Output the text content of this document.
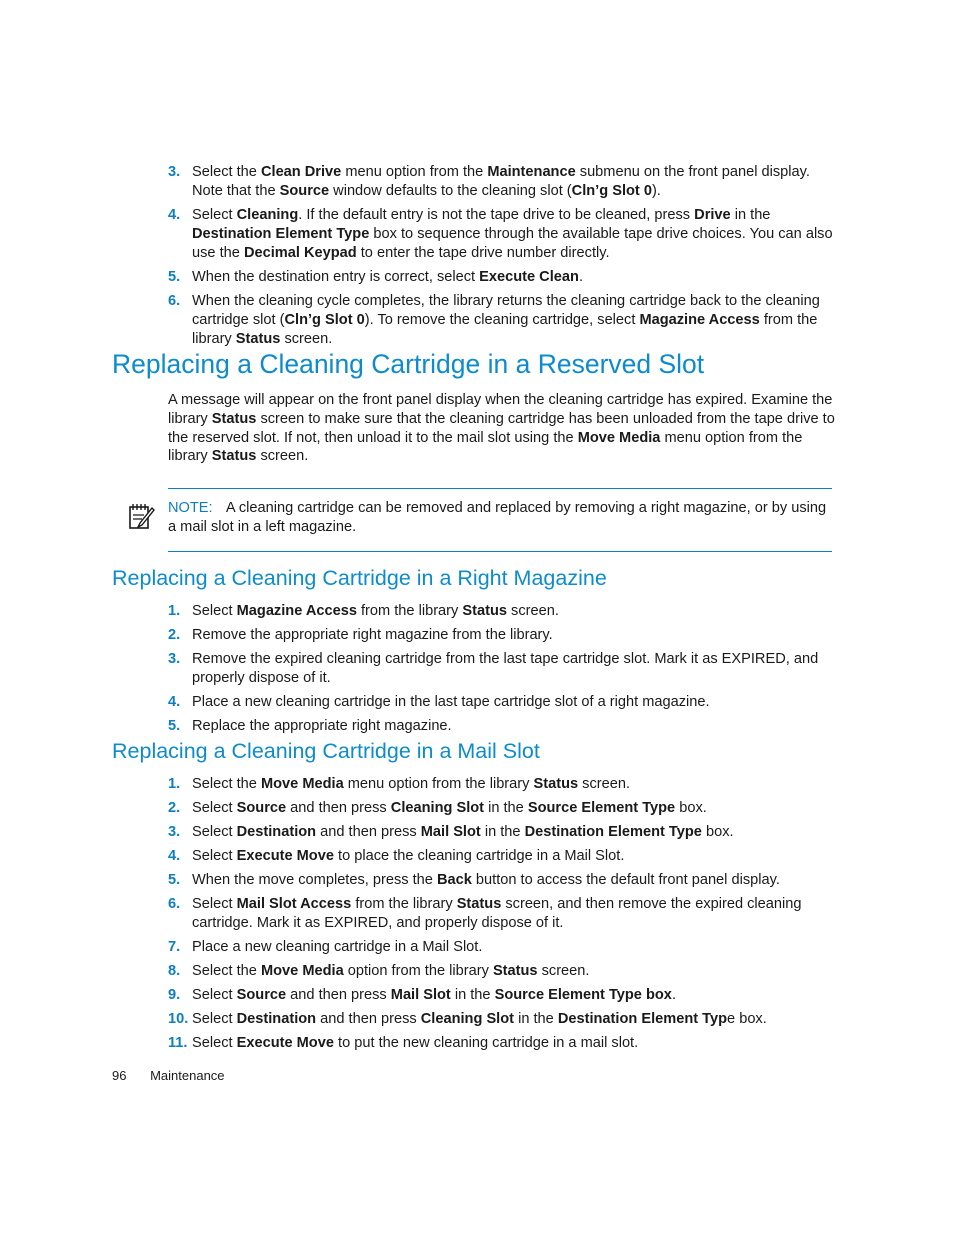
3. Select the Clean Drive menu option from the Maintenance submenu on the front panel display. Note that the Source window defaults to the cleaning slot (Cln’g Slot 0).
4. Select Cleaning. If the default entry is not the tape drive to be cleaned, press Drive in the Destination Element Type box to sequence through the available tape drive choices. You can also use the Decimal Keypad to enter the tape drive number directly.
5. When the destination entry is correct, select Execute Clean.
6. When the cleaning cycle completes, the library returns the cleaning cartridge back to the cleaning cartridge slot (Cln’g Slot 0). To remove the cleaning cartridge, select Magazine Access from the library Status screen.
Replacing a Cleaning Cartridge in a Reserved Slot

A message will appear on the front panel display when the cleaning cartridge has expired. Examine the library Status screen to make sure that the cleaning cartridge has been unloaded from the tape drive to the reserved slot. If not, then unload it to the mail slot using the Move Media menu option from the library Status screen.

NOTE: A cleaning cartridge can be removed and replaced by removing a right magazine, or by using a mail slot in a left magazine.
Replacing a Cleaning Cartridge in a Right Magazine
1. Select Magazine Access from the library Status screen.
2. Remove the appropriate right magazine from the library.
3. Remove the expired cleaning cartridge from the last tape cartridge slot. Mark it as EXPIRED, and properly dispose of it.
4. Place a new cleaning cartridge in the last tape cartridge slot of a right magazine.
5. Replace the appropriate right magazine.
Replacing a Cleaning Cartridge in a Mail Slot
1. Select the Move Media menu option from the library Status screen.
2. Select Source and then press Cleaning Slot in the Source Element Type box.
3. Select Destination and then press Mail Slot in the Destination Element Type box.
4. Select Execute Move to place the cleaning cartridge in a Mail Slot.
5. When the move completes, press the Back button to access the default front panel display.
6. Select Mail Slot Access from the library Status screen, and then remove the expired cleaning cartridge. Mark it as EXPIRED, and properly dispose of it.
7. Place a new cleaning cartridge in a Mail Slot.
8. Select the Move Media option from the library Status screen.
9. Select Source and then press Mail Slot in the Source Element Type box.
10. Select Destination and then press Cleaning Slot in the Destination Element Type box.
11. Select Execute Move to put the new cleaning cartridge in a mail slot.
96 Maintenance
